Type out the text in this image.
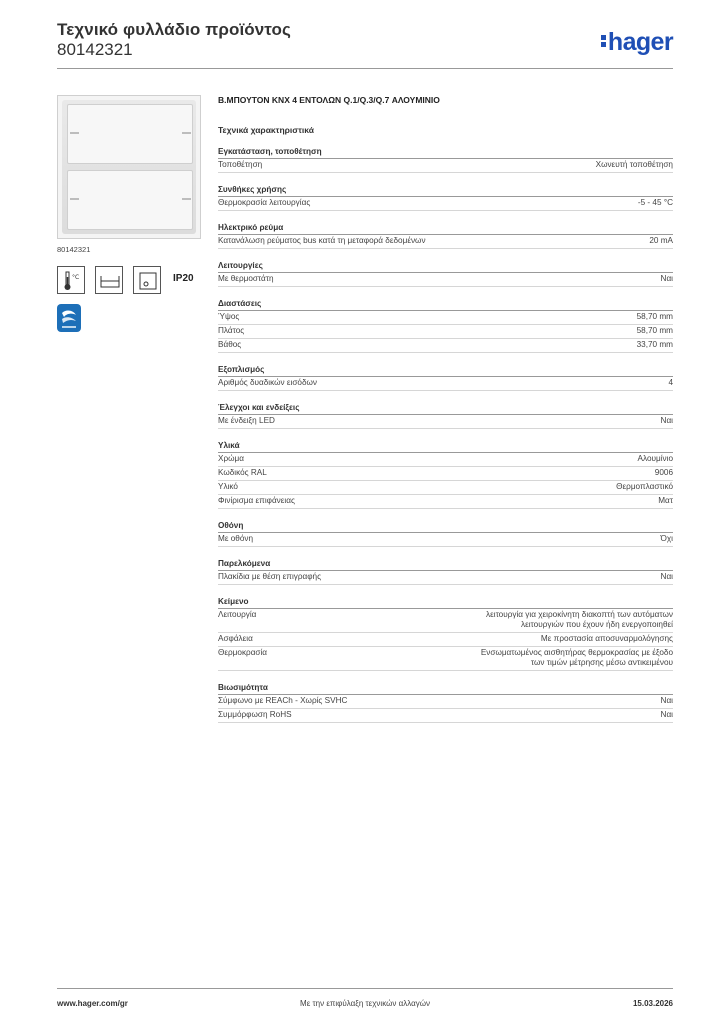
Τεχνικό φυλλάδιο προϊόντος
80142321	hager
80142321
°C	IP20
Β.ΜΠΟΥΤΟΝ KNX 4 ΕΝΤΟΛΩΝ Q.1/Q.3/Q.7 ΑΛΟΥΜΙΝΙΟ
Τεχνικά χαρακτηριστικά
Εγκατάσταση, τοποθέτηση
Τοποθέτηση	Χωνευτή τοποθέτηση
Συνθήκες χρήσης
Θερμοκρασία λειτουργίας	-5 - 45 °C
Ηλεκτρικό ρεύμα
Κατανάλωση ρεύματος bus κατά τη μεταφορά δεδομένων	20 mA
Λειτουργίες
Με θερμοστάτη	Ναι
Διαστάσεις
Ύψος	58,70 mm
Πλάτος	58,70 mm
Βάθος	33,70 mm
Εξοπλισμός
Αριθμός δυαδικών εισόδων	4
Έλεγχοι και ενδείξεις
Με ένδειξη LED	Ναι
Υλικά
Χρώμα	Αλουμίνιο
Κωδικός RAL	9006
Υλικό	Θερμοπλαστικό
Φινίρισμα επιφάνειας	Ματ
Οθόνη
Με οθόνη	Όχι
Παρελκόμενα
Πλακίδια με θέση επιγραφής	Ναι
Κείμενο
Λειτουργία	λειτουργία για χειροκίνητη διακοπτή των αυτόματων λειτουργιών που έχουν ήδη ενεργοποιηθεί
Ασφάλεια	Με προστασία αποσυναρμολόγησης
Θερμοκρασία	Ενσωματωμένος αισθητήρας θερμοκρασίας με έξοδο των τιμών μέτρησης μέσω αντικειμένου
Βιωσιμότητα
Σύμφωνο με REACh - Χωρίς SVHC	Ναι
Συμμόρφωση RoHS	Ναι
www.hager.com/gr	Με την επιφύλαξη τεχνικών αλλαγών	15.03.2026
